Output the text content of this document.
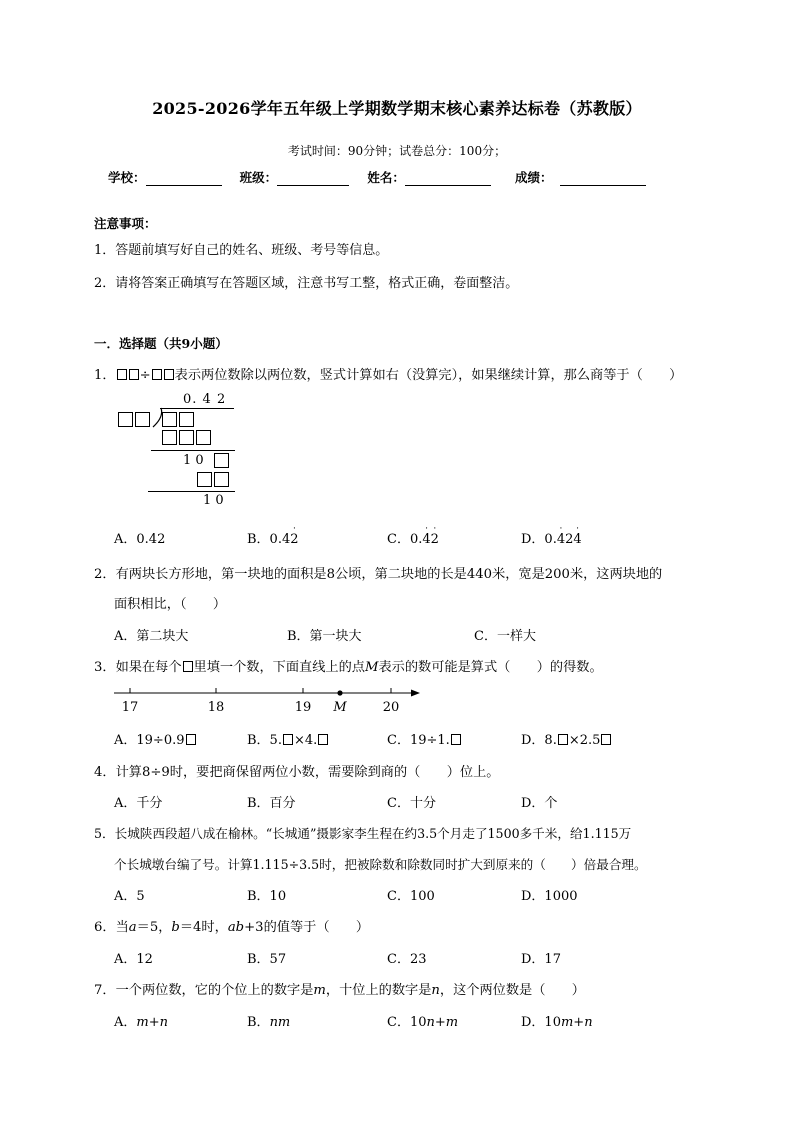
2025-2026学年五年级上学期数学期末核心素养达标卷（苏教版）
考试时间：90分钟；试卷总分：100分；
学校：	班级：	姓名：	成绩：
注意事项：
1．答题前填写好自己的姓名、班级、考号等信息。
2．请将答案正确填写在答题区域，注意书写工整，格式正确，卷面整洁。
一．选择题（共9小题）
1． ÷ 表示两位数除以两位数，竖式计算如右（没算完），如果继续计算，那么商等于（　　）
0. 4 2
1 0
1 0
A．0.42	B．0.4
·
2	C．0.
·
4
·
2	D．0.
·
42
·
4
2．有两块长方形地，第一块地的面积是8公顷，第二块地的长是440米，宽是200米，这两块地的
面积相比，（　　）
A．第二块大	B．第一块大	C．一样大
3．如果在每个 里填一个数，下面直线上的点M表示的数可能是算式（　　）的得数。
17	18	19 M	20
A．19÷0.9	B．5. ×4.	C．19÷1.	D．8. ×2.5
4．计算8÷9时，要把商保留两位小数，需要除到商的（　　）位上。
A．千分	B．百分	C．十分	D．个
5．长城陕西段超八成在榆林。“长城通”摄影家李生程在约3.5个月走了1500多千米，给1.115万
个长城墩台编了号。计算1.115÷3.5时，把被除数和除数同时扩大到原来的（　　）倍最合理。
A．5	B．10	C．100	D．1000
6．当a＝5，b＝4时，ab+3的值等于（　　）
A．12	B．57	C．23	D．17
7．一个两位数，它的个位上的数字是m，十位上的数字是n，这个两位数是（　　）
A．m+n	B．nm	C．10n+m	D．10m+n
